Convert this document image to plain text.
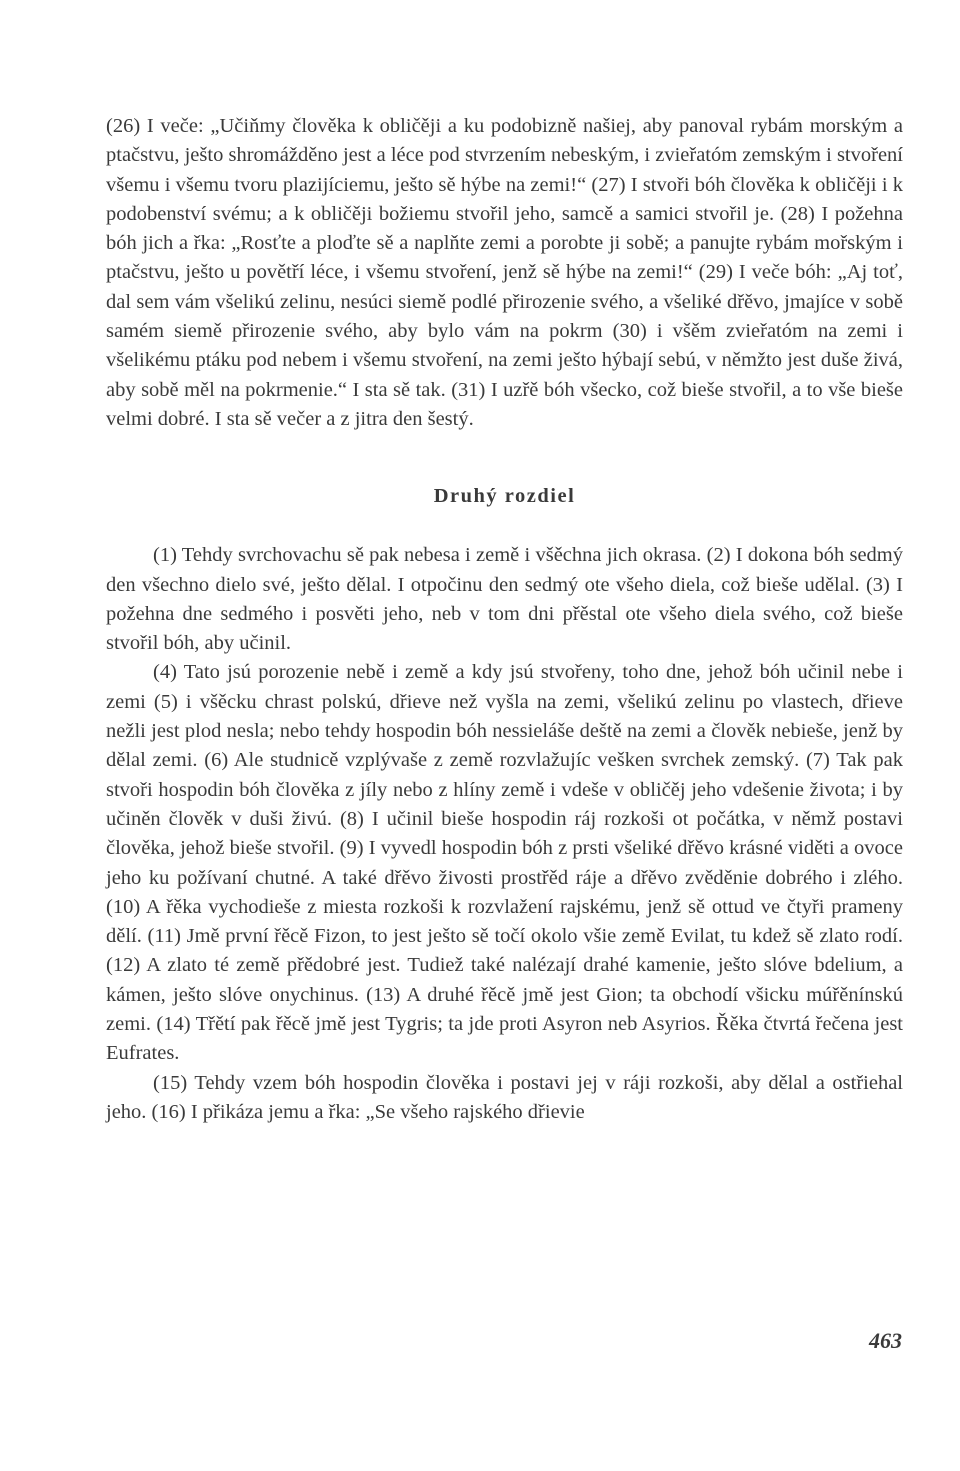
(26) I veče: „Učiňmy člověka k obličěji a ku podobizně našiej, aby panoval rybám morským a ptačstvu, ješto shromážděno jest a léce pod stvrzením nebeským, i zvieřatóm zemským i stvoření všemu i všemu tvoru plazijíciemu, ješto sě hýbe na zemi!“ (27) I stvoři bóh člověka k obličěji i k podobenství svému; a k obličěji božiemu stvořil jeho, samcě a samici stvořil je. (28) I požehna bóh jich a řka: „Rosťte a ploďte sě a naplňte zemi a porobte ji sobě; a panujte rybám mořským i ptačstvu, ješto u povětří léce, i všemu stvoření, jenž sě hýbe na zemi!“ (29) I veče bóh: „Aj toť, dal sem vám všelikú zelinu, nesúci siemě podlé přirozenie svého, a všeliké dřěvo, jmajíce v sobě samém siemě přirozenie svého, aby bylo vám na pokrm (30) i všěm zvieřatóm na zemi i všelikému ptáku pod nebem i všemu stvoření, na zemi ješto hýbají sebú, v němžto jest duše živá, aby sobě měl na pokrmenie.“ I sta sě tak. (31) I uzřě bóh všecko, což bieše stvořil, a to vše bieše velmi dobré. I sta sě večer a z jitra den šestý.

Druhý rozdiel

(1) Tehdy svrchovachu sě pak nebesa i země i všěchna jich okrasa. (2) I dokona bóh sedmý den všechno dielo své, ješto dělal. I otpočinu den sedmý ote všeho diela, což bieše udělal. (3) I požehna dne sedmého i posvěti jeho, neb v tom dni přěstal ote všeho diela svého, což bieše stvořil bóh, aby učinil.

(4) Tato jsú porozenie nebě i země a kdy jsú stvořeny, toho dne, jehož bóh učinil nebe i zemi (5) i všěcku chrast polskú, dřieve než vyšla na zemi, všelikú zelinu po vlastech, dřieve nežli jest plod nesla; nebo tehdy hospodin bóh nessieláše deště na zemi a člověk nebieše, jenž by dělal zemi. (6) Ale studnicě vzplývaše z země rozvlažujíc vešken svrchek zemský. (7) Tak pak stvoři hospodin bóh člověka z jíly nebo z hlíny země i vdeše v obličěj jeho vdešenie života; i by učiněn člověk v duši živú. (8) I učinil bieše hospodin ráj rozkoši ot počátka, v němž postavi člověka, jehož bieše stvořil. (9) I vyvedl hospodin bóh z prsti všeliké dřěvo krásné viděti a ovoce jeho ku požívaní chutné. A také dřěvo živosti prostřěd ráje a dřěvo zvěděnie dobrého i zlého. (10) A řěka vychodieše z miesta rozkoši k rozvlažení rajskému, jenž sě ottud ve čtyři prameny dělí. (11) Jmě první řěcě Fizon, to jest ješto sě točí okolo všie země Evilat, tu kdež sě zlato rodí. (12) A zlato té země přědobré jest. Tudiež také nalézají drahé kamenie, ješto slóve bdelium, a kámen, ješto slóve onychinus. (13) A druhé řěcě jmě jest Gion; ta obchodí všicku múřěnínskú zemi. (14) Třětí pak řěcě jmě jest Tygris; ta jde proti Asyron neb Asyrios. Řěka čtvrtá řečena jest Eufrates.

(15) Tehdy vzem bóh hospodin člověka i postavi jej v ráji rozkoši, aby dělal a ostřiehal jeho. (16) I přikáza jemu a řka: „Se všeho rajského dřievie

463
